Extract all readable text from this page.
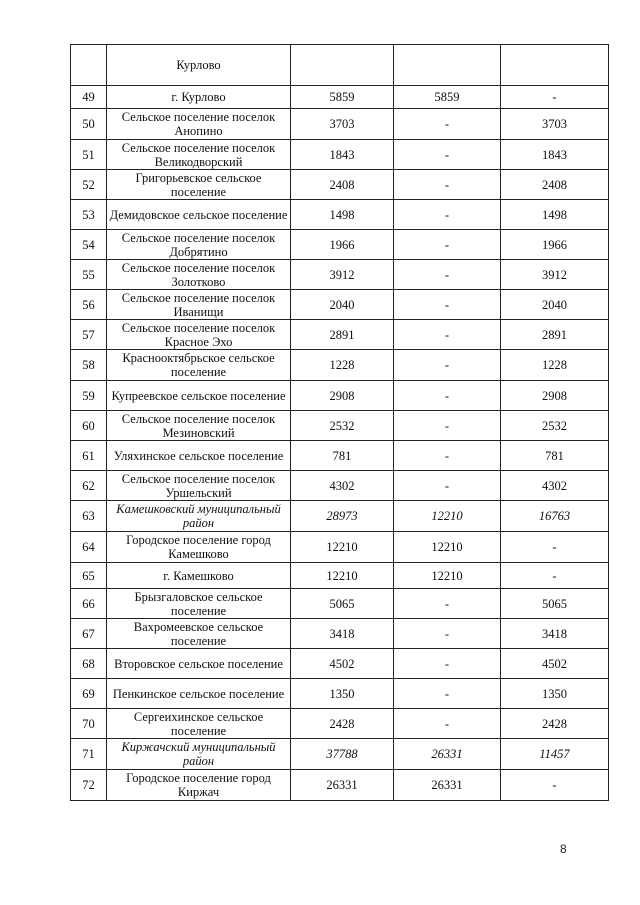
	Курлово			
49	г. Курлово	5859	5859	-
50	Сельское поселение поселок Анопино	3703	-	3703
51	Сельское поселение поселок Великодворский	1843	-	1843
52	Григорьевское сельское поселение	2408	-	2408
53	Демидовское сельское поселение	1498	-	1498
54	Сельское поселение поселок Добрятино	1966	-	1966
55	Сельское поселение поселок Золотково	3912	-	3912
56	Сельское поселение поселок Иванищи	2040	-	2040
57	Сельское поселение поселок Красное Эхо	2891	-	2891
58	Краснооктябрьское сельское поселение	1228	-	1228
59	Купреевское сельское поселение	2908	-	2908
60	Сельское поселение поселок Мезиновский	2532	-	2532
61	Уляхинское сельское поселение	781	-	781
62	Сельское поселение поселок Уршельский	4302	-	4302
63	Камешковский муниципальный район	28973	12210	16763
64	Городское поселение город Камешково	12210	12210	-
65	г. Камешково	12210	12210	-
66	Брызгаловское сельское поселение	5065	-	5065
67	Вахромеевское сельское поселение	3418	-	3418
68	Второвское сельское поселение	4502	-	4502
69	Пенкинское сельское поселение	1350	-	1350
70	Сергеихинское сельское поселение	2428	-	2428
71	Киржачский муниципальный район	37788	26331	11457
72	Городское поселение город Киржач	26331	26331	-
8
